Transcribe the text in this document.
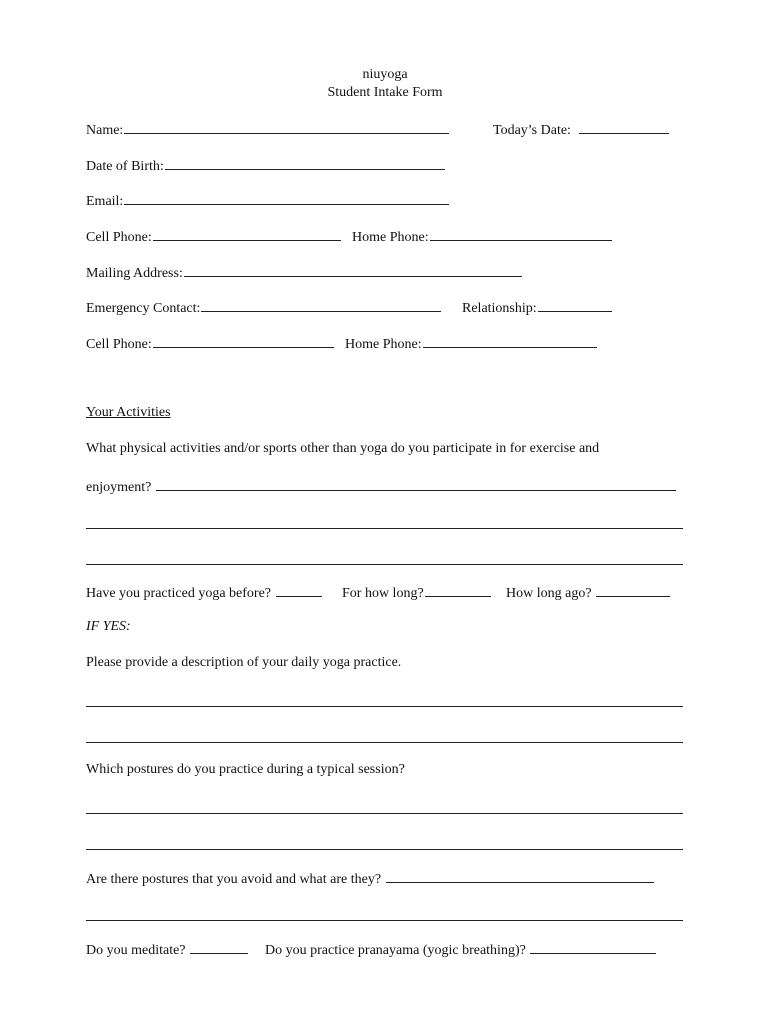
niuyoga
Student Intake Form
Name:	Today’s Date:
Date of Birth:
Email:
Cell Phone:	Home Phone:
Mailing Address:
Emergency Contact:	Relationship:
Cell Phone:	Home Phone:
Your Activities
What physical activities and/or sports other than yoga do you participate in for exercise and
enjoyment?
Have you practiced yoga before?	For how long?	How long ago?
IF YES:
Please provide a description of your daily yoga practice.
Which postures do you practice during a typical session?
Are there postures that you avoid and what are they?
Do you meditate?	Do you practice pranayama (yogic breathing)?
